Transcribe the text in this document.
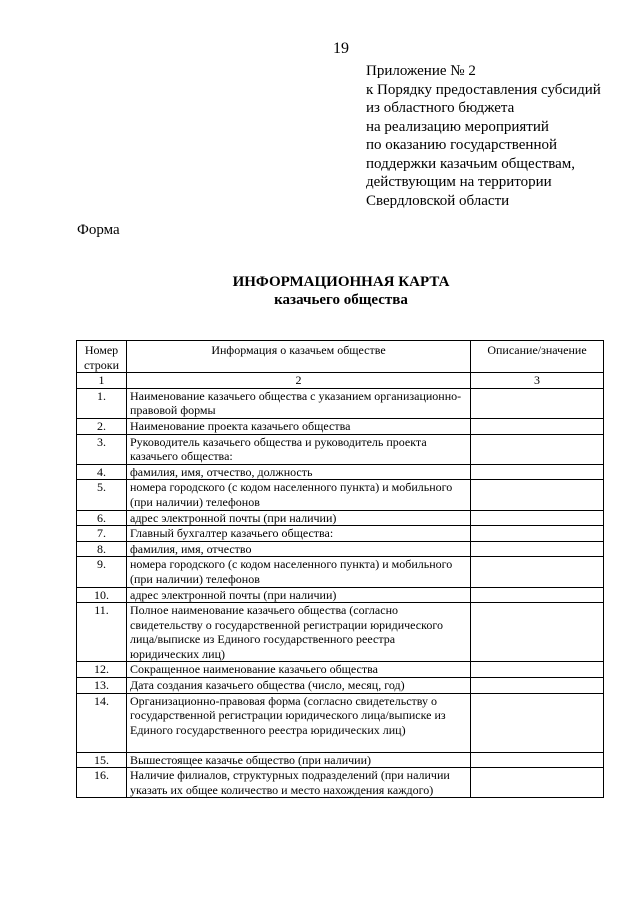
19
Приложение № 2
к Порядку предоставления субсидий
из областного бюджета
на реализацию мероприятий
по оказанию государственной
поддержки казачьим обществам,
действующим на территории
Свердловской области
Форма
ИНФОРМАЦИОННАЯ КАРТА
казачьего общества
Номер строки	Информация о казачьем обществе	Описание/значение
1	2	3
1.	Наименование казачьего общества с указанием организационно-правовой формы	
2.	Наименование проекта казачьего общества	
3.	Руководитель казачьего общества и руководитель проекта казачьего общества:	
4.	фамилия, имя, отчество, должность	
5.	номера городского (с кодом населенного пункта) и мобильного (при наличии) телефонов	
6.	адрес электронной почты (при наличии)	
7.	Главный бухгалтер казачьего общества:	
8.	фамилия, имя, отчество	
9.	номера городского (с кодом населенного пункта) и мобильного (при наличии) телефонов	
10.	адрес электронной почты (при наличии)	
11.	Полное наименование казачьего общества (согласно свидетельству о государственной регистрации юридического лица/выписке из Единого государственного реестра юридических лиц)	
12.	Сокращенное наименование казачьего общества	
13.	Дата создания казачьего общества (число, месяц, год)	
14.	Организационно-правовая форма (согласно свидетельству о государственной регистрации юридического лица/выписке из Единого государственного реестра юридических лиц)	
15.	Вышестоящее казачье общество (при наличии)	
16.	Наличие филиалов, структурных подразделений (при наличии указать их общее количество и место нахождения каждого)	
